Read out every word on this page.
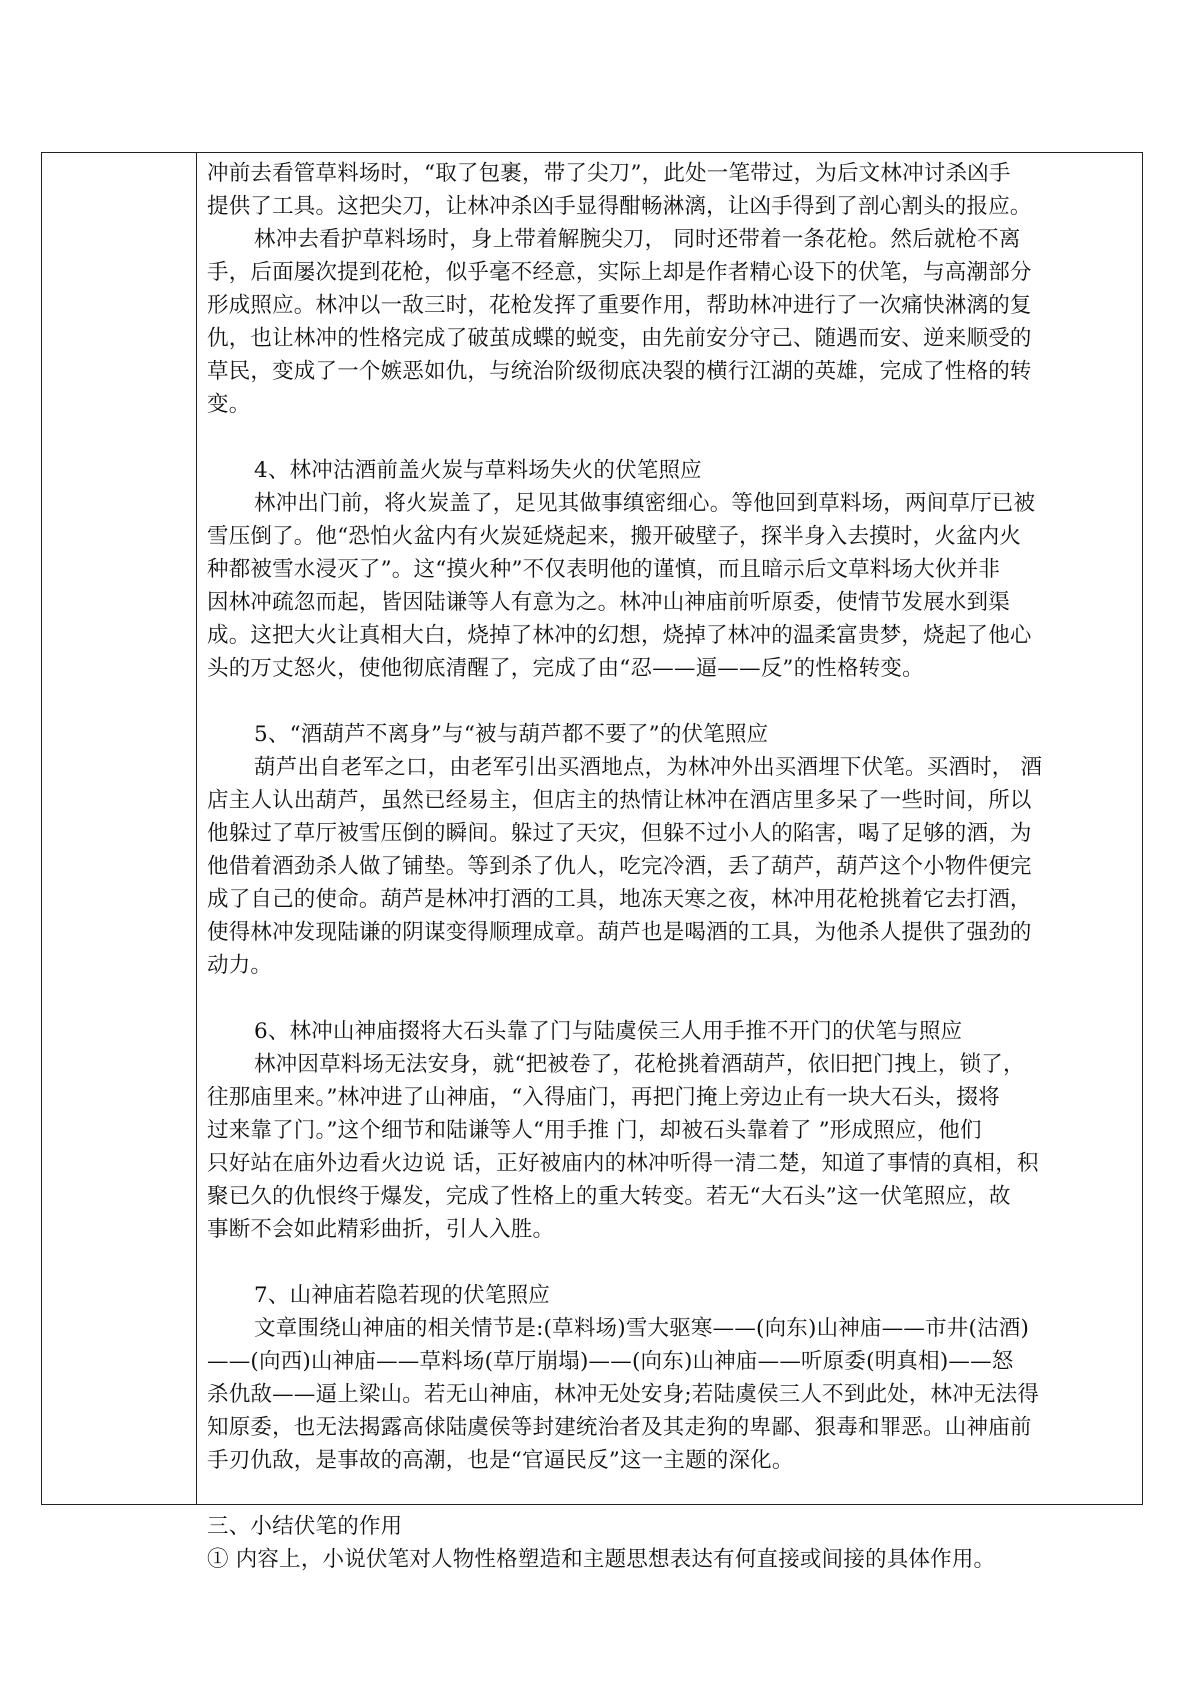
冲前去看管草料场时，“取了包裹，带了尖刀”，此处一笔带过，为后文林冲讨杀凶手
提供了工具。这把尖刀，让林冲杀凶手显得酣畅淋漓，让凶手得到了剖心割头的报应。
林冲去看护草料场时，身上带着解腕尖刀， 同时还带着一条花枪。然后就枪不离
手，后面屡次提到花枪，似乎毫不经意，实际上却是作者精心设下的伏笔，与高潮部分
形成照应。林冲以一敌三时，花枪发挥了重要作用，帮助林冲进行了一次痛快淋漓的复
仇，也让林冲的性格完成了破茧成蝶的蜕变，由先前安分守己、随遇而安、逆来顺受的
草民，变成了一个嫉恶如仇，与统治阶级彻底决裂的横行江湖的英雄，完成了性格的转
变。
4、林冲沽酒前盖火炭与草料场失火的伏笔照应
林冲出门前，将火炭盖了，足见其做事缜密细心。等他回到草料场，两间草厅已被
雪压倒了。他“恐怕火盆内有火炭延烧起来，搬开破壁子，探半身入去摸时，火盆内火
种都被雪水浸灭了”。这“摸火种”不仅表明他的谨慎，而且暗示后文草料场大伙并非
因林冲疏忽而起，皆因陆谦等人有意为之。林冲山神庙前听原委，使情节发展水到渠
成。这把大火让真相大白，烧掉了林冲的幻想，烧掉了林冲的温柔富贵梦，烧起了他心
头的万丈怒火，使他彻底清醒了，完成了由“忍——逼——反”的性格转变。
5、“酒葫芦不离身”与“被与葫芦都不要了”的伏笔照应
葫芦出自老军之口，由老军引出买酒地点，为林冲外出买酒埋下伏笔。买酒时， 酒
店主人认出葫芦，虽然已经易主，但店主的热情让林冲在酒店里多呆了一些时间，所以
他躲过了草厅被雪压倒的瞬间。躲过了天灾，但躲不过小人的陷害，喝了足够的酒，为
他借着酒劲杀人做了铺垫。等到杀了仇人，吃完冷酒，丢了葫芦，葫芦这个小物件便完
成了自己的使命。葫芦是林冲打酒的工具，地冻天寒之夜，林冲用花枪挑着它去打酒，
使得林冲发现陆谦的阴谋变得顺理成章。葫芦也是喝酒的工具，为他杀人提供了强劲的
动力。
6、林冲山神庙掇将大石头靠了门与陆虞侯三人用手推不开门的伏笔与照应
林冲因草料场无法安身，就“把被卷了，花枪挑着酒葫芦，依旧把门拽上，锁了，
往那庙里来。”林冲进了山神庙，“入得庙门，再把门掩上旁边止有一块大石头，掇将
过来靠了门。”这个细节和陆谦等人“用手推 门，却被石头靠着了 ”形成照应，他们
只好站在庙外边看火边说 话，正好被庙内的林冲听得一清二楚，知道了事情的真相，积
聚已久的仇恨终于爆发，完成了性格上的重大转变。若无“大石头”这一伏笔照应，故
事断不会如此精彩曲折，引人入胜。
7、山神庙若隐若现的伏笔照应
文章围绕山神庙的相关情节是:(草料场)雪大驱寒——(向东)山神庙——市井(沽酒)
——(向西)山神庙——草料场(草厅崩塌)——(向东)山神庙——听原委(明真相)——怒
杀仇敌——逼上梁山。若无山神庙，林冲无处安身;若陆虞侯三人不到此处，林冲无法得
知原委，也无法揭露高俅陆虞侯等封建统治者及其走狗的卑鄙、狠毒和罪恶。山神庙前
手刃仇敌，是事故的高潮，也是“官逼民反”这一主题的深化。
三、小结伏笔的作用
① 内容上，小说伏笔对人物性格塑造和主题思想表达有何直接或间接的具体作用。
